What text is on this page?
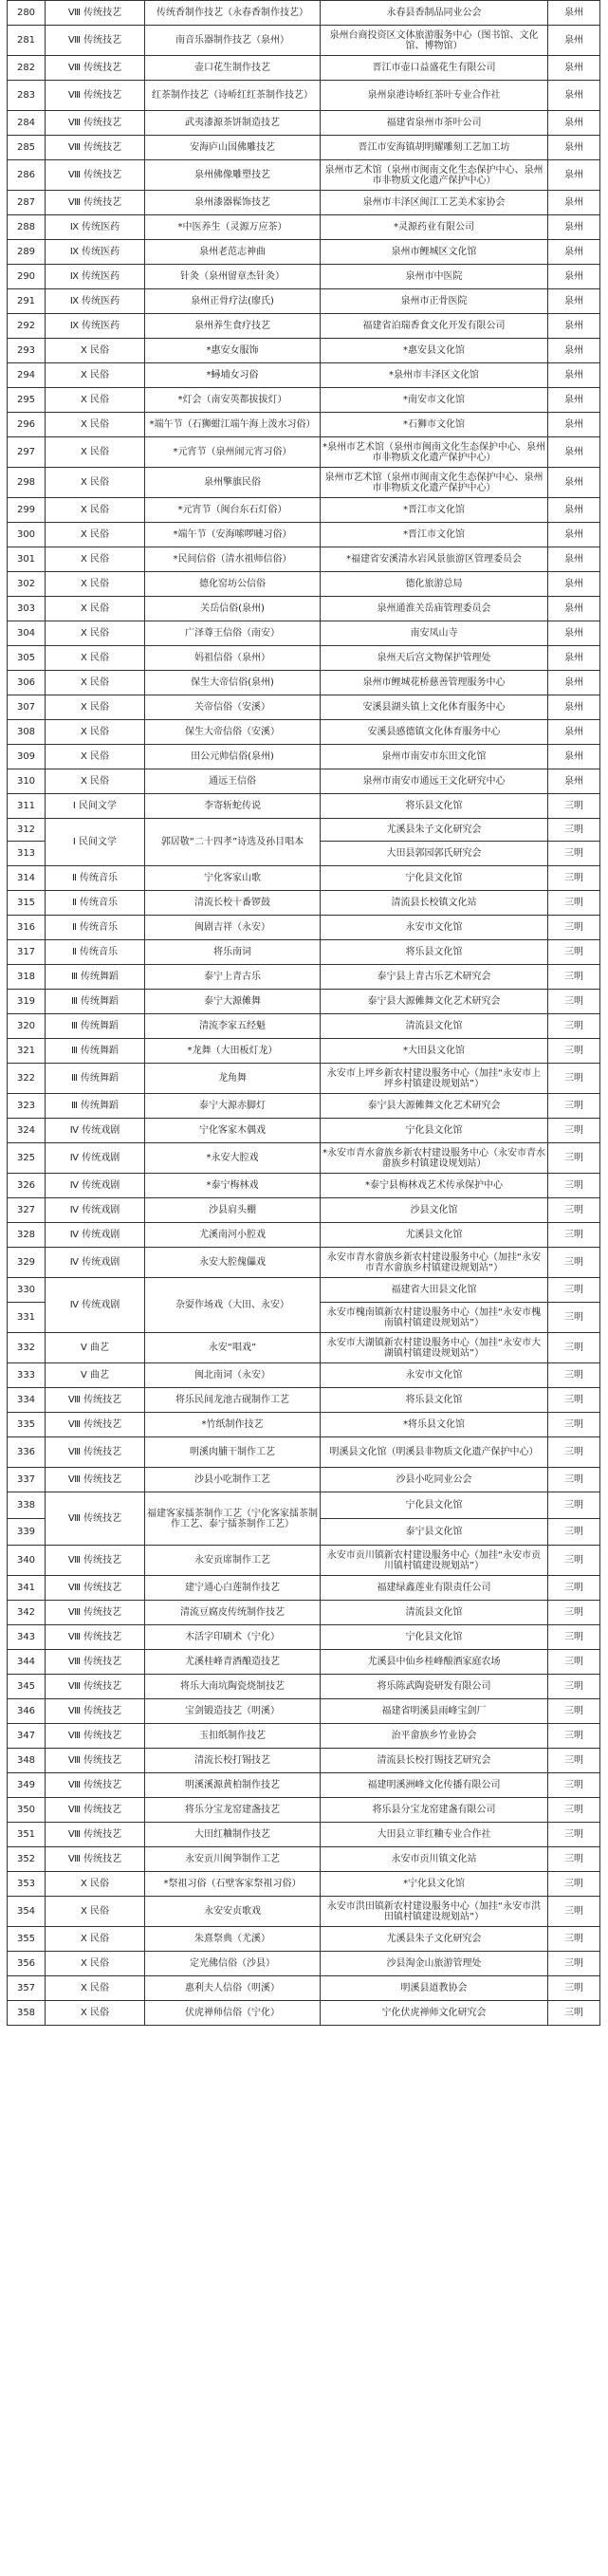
280	Ⅷ 传统技艺	传统香制作技艺（永春香制作技艺）	永春县香制品同业公会	泉州
281	Ⅷ 传统技艺	南音乐器制作技艺（泉州）	泉州台商投资区文体旅游服务中心（图书馆、文化馆、博物馆）	泉州
282	Ⅷ 传统技艺	壶口花生制作技艺	晋江市壶口益盛花生有限公司	泉州
283	Ⅷ 传统技艺	红茶制作技艺（诗峤红红茶制作技艺）	泉州泉港诗峤红茶叶专业合作社	泉州
284	Ⅷ 传统技艺	武夷漆源茶饼制造技艺	福建省泉州市茶叶公司	泉州
285	Ⅷ 传统技艺	安海庐山国佛雕技艺	晋江市安海镇胡明耀雕刻工艺加工坊	泉州
286	Ⅷ 传统技艺	泉州佛像雕塑技艺	泉州市艺术馆（泉州市闽南文化生态保护中心、泉州市非物质文化遗产保护中心）	泉州
287	Ⅷ 传统技艺	泉州漆器髹饰技艺	泉州市丰泽区闽江工艺美术家协会	泉州
288	Ⅸ 传统医药	*中医养生（灵源万应茶）	*灵源药业有限公司	泉州
289	Ⅸ 传统医药	泉州老范志神曲	泉州市鲤城区文化馆	泉州
290	Ⅸ 传统医药	针灸（泉州留章杰针灸）	泉州市中医院	泉州
291	Ⅸ 传统医药	泉州正骨疗法(廖氏)	泉州市正骨医院	泉州
292	Ⅸ 传统医药	泉州养生食疗技艺	福建省泊瑞香食文化开发有限公司	泉州
293	Ⅹ 民俗	*惠安女服饰	*惠安县文化馆	泉州
294	Ⅹ 民俗	*蟳埔女习俗	*泉州市丰泽区文化馆	泉州
295	Ⅹ 民俗	*灯会（南安英都拔拔灯）	*南安市文化馆	泉州
296	Ⅹ 民俗	*端午节（石狮蚶江端午海上泼水习俗）	*石狮市文化馆	泉州
297	Ⅹ 民俗	*元宵节（泉州闹元宵习俗）	*泉州市艺术馆（泉州市闽南文化生态保护中心、泉州市非物质文化遗产保护中心）	泉州
298	Ⅹ 民俗	泉州擎旗民俗	泉州市艺术馆（泉州市闽南文化生态保护中心、泉州市非物质文化遗产保护中心）	泉州
299	Ⅹ 民俗	*元宵节（闽台东石灯俗）	*晋江市文化馆	泉州
300	Ⅹ 民俗	*端午节（安海嗦啰嗹习俗）	*晋江市文化馆	泉州
301	Ⅹ 民俗	*民间信俗（清水祖师信俗）	*福建省安溪清水岩风景旅游区管理委员会	泉州
302	Ⅹ 民俗	德化窑坊公信俗	德化旅游总局	泉州
303	Ⅹ 民俗	关岳信俗(泉州)	泉州通淮关岳庙管理委员会	泉州
304	Ⅹ 民俗	广泽尊王信俗（南安）	南安凤山寺	泉州
305	Ⅹ 民俗	妈祖信俗（泉州）	泉州天后宫文物保护管理处	泉州
306	Ⅹ 民俗	保生大帝信俗(泉州)	泉州市鲤城花桥慈善管理服务中心	泉州
307	Ⅹ 民俗	关帝信俗（安溪）	安溪县湖头镇上文化体育服务中心	泉州
308	Ⅹ 民俗	保生大帝信俗（安溪）	安溪县感德镇文化体育服务中心	泉州
309	Ⅹ 民俗	田公元帅信俗(泉州)	泉州市南安市东田文化馆	泉州
310	Ⅹ 民俗	通远王信俗	泉州市南安市通远王文化研究中心	泉州
311	Ⅰ 民间文学	李寄斩蛇传说	将乐县文化馆	三明
312	Ⅰ 民间文学	郭居敬“二十四孝”诗选及孙目唱本	尤溪县朱子文化研究会	三明
313			大田县郭园郭氏研究会	三明
314	Ⅱ 传统音乐	宁化客家山歌	宁化县文化馆	三明
315	Ⅱ 传统音乐	清流长校十番锣鼓	清流县长校镇文化站	三明
316	Ⅱ 传统音乐	闽剧吉祥（永安）	永安市文化馆	三明
317	Ⅱ 传统音乐	将乐南词	将乐县文化馆	三明
318	Ⅲ 传统舞蹈	泰宁上青古乐	泰宁县上青古乐艺术研究会	三明
319	Ⅲ 传统舞蹈	泰宁大源傩舞	泰宁县大源傩舞文化艺术研究会	三明
320	Ⅲ 传统舞蹈	清流李家五经魁	清流县文化馆	三明
321	Ⅲ 传统舞蹈	*龙舞（大田板灯龙）	*大田县文化馆	三明
322	Ⅲ 传统舞蹈	龙角舞	永安市上坪乡新农村建设服务中心（加挂“永安市上坪乡村镇建设规划站”）	三明
323	Ⅲ 传统舞蹈	泰宁大源赤脚灯	泰宁县大源傩舞文化艺术研究会	三明
324	Ⅳ 传统戏剧	宁化客家木偶戏	宁化县文化馆	三明
325	Ⅳ 传统戏剧	*永安大腔戏	*永安市青水畲族乡新农村建设服务中心（永安市青水畲族乡村镇建设规划站）	三明
326	Ⅳ 传统戏剧	*泰宁梅林戏	*泰宁县梅林戏艺术传承保护中心	三明
327	Ⅳ 传统戏剧	沙县肩头棚	沙县文化馆	三明
328	Ⅳ 传统戏剧	尤溪南河小腔戏	尤溪县文化馆	三明
329	Ⅳ 传统戏剧	永安大腔傀儡戏	永安市青水畲族乡新农村建设服务中心（加挂“永安市青水畲族乡村镇建设规划站”）	三明
330	Ⅳ 传统戏剧	杂耍作场戏（大田、永安）	福建省大田县文化馆	三明
331			永安市槐南镇新农村建设服务中心（加挂“永安市槐南镇村镇建设规划站”）	三明
332	Ⅴ 曲艺	永安“唱戏”	永安市大湖镇新农村建设服务中心（加挂“永安市大湖镇村镇建设规划站”）	三明
333	Ⅴ 曲艺	闽北南词（永安）	永安市文化馆	三明
334	Ⅷ 传统技艺	将乐民间龙池古砚制作工艺	将乐县文化馆	三明
335	Ⅷ 传统技艺	*竹纸制作技艺	*将乐县文化馆	三明
336	Ⅷ 传统技艺	明溪肉脯干制作工艺	明溪县文化馆（明溪县非物质文化遗产保护中心）	三明
337	Ⅷ 传统技艺	沙县小吃制作工艺	沙县小吃同业公会	三明
338	Ⅷ 传统技艺	福建客家擂茶制作工艺（宁化客家擂茶制作工艺、泰宁擂茶制作工艺）	宁化县文化馆	三明
339			泰宁县文化馆	三明
340	Ⅷ 传统技艺	永安贡席制作工艺	永安市贡川镇新农村建设服务中心（加挂“永安市贡川镇村镇建设规划站”）	三明
341	Ⅷ 传统技艺	建宁通心白莲制作技艺	福建绿鑫莲业有限责任公司	三明
342	Ⅷ 传统技艺	清流豆腐皮传统制作技艺	清流县文化馆	三明
343	Ⅷ 传统技艺	木活字印刷术（宁化）	宁化县文化馆	三明
344	Ⅷ 传统技艺	尤溪桂峰青酒酿造技艺	尤溪县中仙乡桂峰酿酒家庭农场	三明
345	Ⅷ 传统技艺	将乐大南坑陶瓷烧制技艺	将乐陈武陶瓷研发有限公司	三明
346	Ⅷ 传统技艺	宝剑锻造技艺（明溪）	福建省明溪县雨峰宝剑厂	三明
347	Ⅷ 传统技艺	玉扣纸制作技艺	治平畲族乡竹业协会	三明
348	Ⅷ 传统技艺	清流长校打锡技艺	清流县长校打锡技艺研究会	三明
349	Ⅷ 传统技艺	明溪溪源黄柏制作技艺	福建明溪洲峰文化传播有限公司	三明
350	Ⅷ 传统技艺	将乐分宝龙窑建盏技艺	将乐县分宝龙窑建盏有限公司	三明
351	Ⅷ 传统技艺	大田红粬制作技艺	大田县立菲红粬专业合作社	三明
352	Ⅷ 传统技艺	永安贡川闽笋制作工艺	永安市贡川镇文化站	三明
353	Ⅹ 民俗	*祭祖习俗（石壁客家祭祖习俗）	*宁化县文化馆	三明
354	Ⅹ 民俗	永安安贞歌戏	永安市洪田镇新农村建设服务中心（加挂“永安市洪田镇村镇建设规划站”）	三明
355	Ⅹ 民俗	朱熹祭典（尤溪）	尤溪县朱子文化研究会	三明
356	Ⅹ 民俗	定光佛信俗（沙县）	沙县淘金山旅游管理处	三明
357	Ⅹ 民俗	惠利夫人信俗（明溪）	明溪县道教协会	三明
358	Ⅹ 民俗	伏虎禅师信俗（宁化）	宁化伏虎禅师文化研究会	三明
